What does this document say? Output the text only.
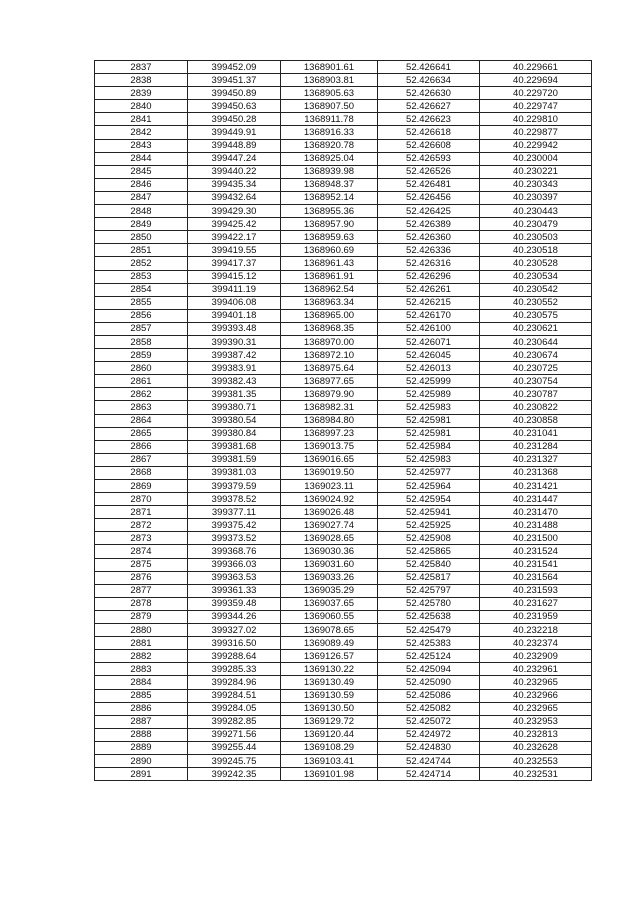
2837	399452.09	1368901.61	52.426641	40.229661
2838	399451.37	1368903.81	52.426634	40.229694
2839	399450.89	1368905.63	52.426630	40.229720
2840	399450.63	1368907.50	52.426627	40.229747
2841	399450.28	1368911.78	52.426623	40.229810
2842	399449.91	1368916.33	52.426618	40.229877
2843	399448.89	1368920.78	52.426608	40.229942
2844	399447.24	1368925.04	52.426593	40.230004
2845	399440.22	1368939.98	52.426526	40.230221
2846	399435.34	1368948.37	52.426481	40.230343
2847	399432.64	1368952.14	52.426456	40.230397
2848	399429.30	1368955.36	52.426425	40.230443
2849	399425.42	1368957.90	52.426389	40.230479
2850	399422.17	1368959.63	52.426360	40.230503
2851	399419.55	1368960.69	52.426336	40.230518
2852	399417.37	1368961.43	52.426316	40.230528
2853	399415.12	1368961.91	52.426296	40.230534
2854	399411.19	1368962.54	52.426261	40.230542
2855	399406.08	1368963.34	52.426215	40.230552
2856	399401.18	1368965.00	52.426170	40.230575
2857	399393.48	1368968.35	52.426100	40.230621
2858	399390.31	1368970.00	52.426071	40.230644
2859	399387.42	1368972.10	52.426045	40.230674
2860	399383.91	1368975.64	52.426013	40.230725
2861	399382.43	1368977.65	52.425999	40.230754
2862	399381.35	1368979.90	52.425989	40.230787
2863	399380.71	1368982.31	52.425983	40.230822
2864	399380.54	1368984.80	52.425981	40.230858
2865	399380.84	1368997.23	52.425981	40.231041
2866	399381.68	1369013.75	52.425984	40.231284
2867	399381.59	1369016.65	52.425983	40.231327
2868	399381.03	1369019.50	52.425977	40.231368
2869	399379.59	1369023.11	52.425964	40.231421
2870	399378.52	1369024.92	52.425954	40.231447
2871	399377.11	1369026.48	52.425941	40.231470
2872	399375.42	1369027.74	52.425925	40.231488
2873	399373.52	1369028.65	52.425908	40.231500
2874	399368.76	1369030.36	52.425865	40.231524
2875	399366.03	1369031.60	52.425840	40.231541
2876	399363.53	1369033.26	52.425817	40.231564
2877	399361.33	1369035.29	52.425797	40.231593
2878	399359.48	1369037.65	52.425780	40.231627
2879	399344.26	1369060.55	52.425638	40.231959
2880	399327.02	1369078.65	52.425479	40.232218
2881	399316.50	1369089.49	52.425383	40.232374
2882	399288.64	1369126.57	52.425124	40.232909
2883	399285.33	1369130.22	52.425094	40.232961
2884	399284.96	1369130.49	52.425090	40.232965
2885	399284.51	1369130.59	52.425086	40.232966
2886	399284.05	1369130.50	52.425082	40.232965
2887	399282.85	1369129.72	52.425072	40.232953
2888	399271.56	1369120.44	52.424972	40.232813
2889	399255.44	1369108.29	52.424830	40.232628
2890	399245.75	1369103.41	52.424744	40.232553
2891	399242.35	1369101.98	52.424714	40.232531
